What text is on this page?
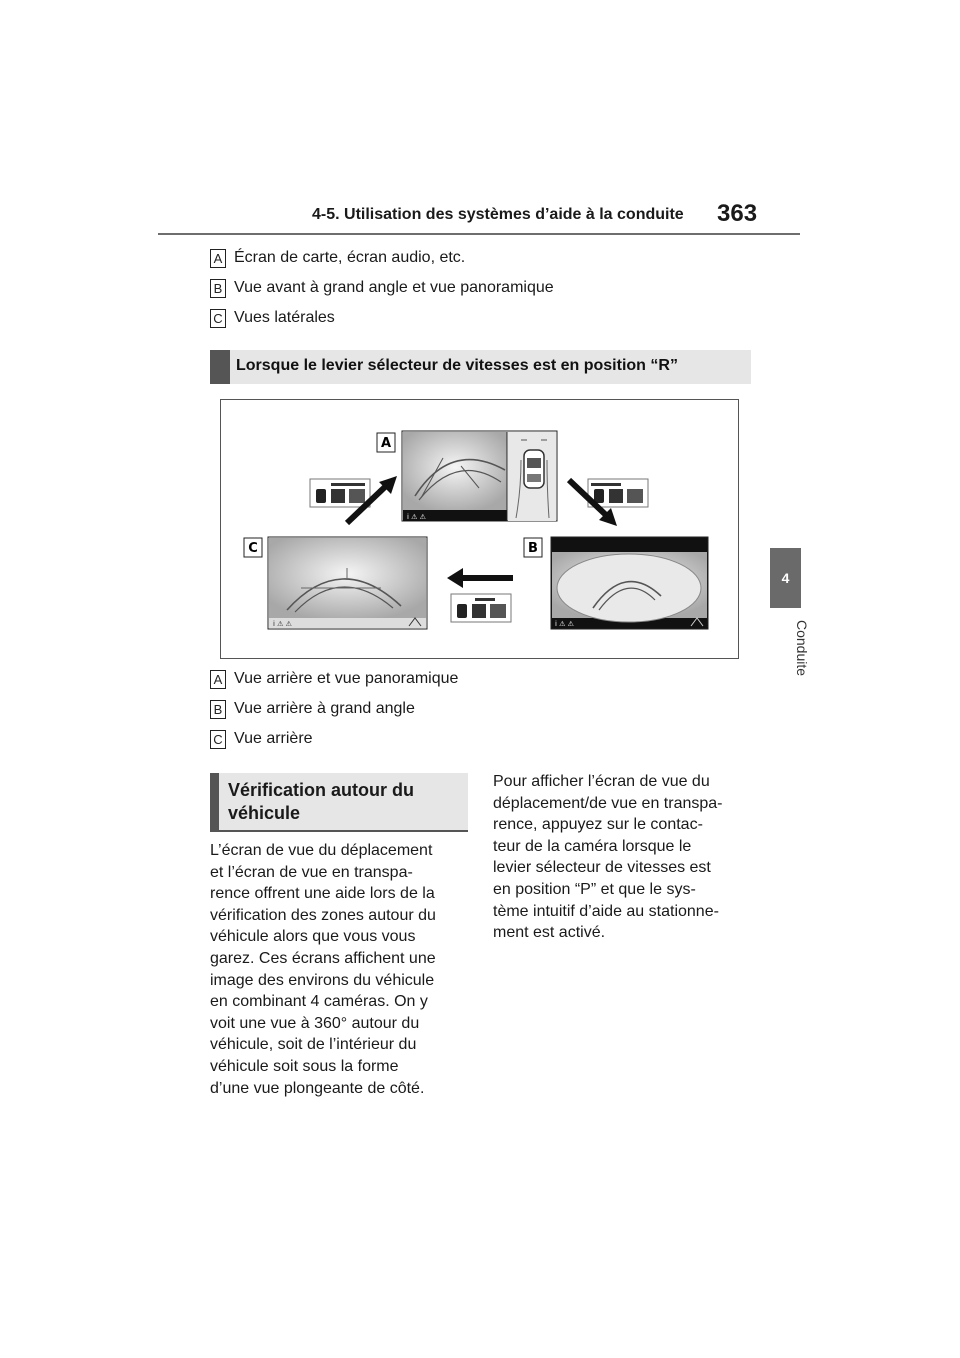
4-5. Utilisation des systèmes d’aide à la conduite 363
4
Conduite
A Écran de carte, écran audio, etc.
B Vue avant à grand angle et vue panoramique
C Vues latérales
Lorsque le levier sélecteur de vitesses est en position “R”
i ⚠ ⚠
A
i ⚠ ⚠
C
i ⚠ ⚠
B
A Vue arrière et vue panoramique
B Vue arrière à grand angle
C Vue arrière
Vérification autour du
véhicule

L’écran de vue du déplacement

et l’écran de vue en transpa-

rence offrent une aide lors de la

vérification des zones autour du

véhicule alors que vous vous

garez. Ces écrans affichent une

image des environs du véhicule

en combinant 4 caméras. On y

voit une vue à 360° autour du

véhicule, soit de l’intérieur du

véhicule soit sous la forme

d’une vue plongeante de côté.

Pour afficher l’écran de vue du

déplacement/de vue en transpa-

rence, appuyez sur le contac-

teur de la caméra lorsque le

levier sélecteur de vitesses est

en position “P” et que le sys-

tème intuitif d’aide au stationne-

ment est activé.
